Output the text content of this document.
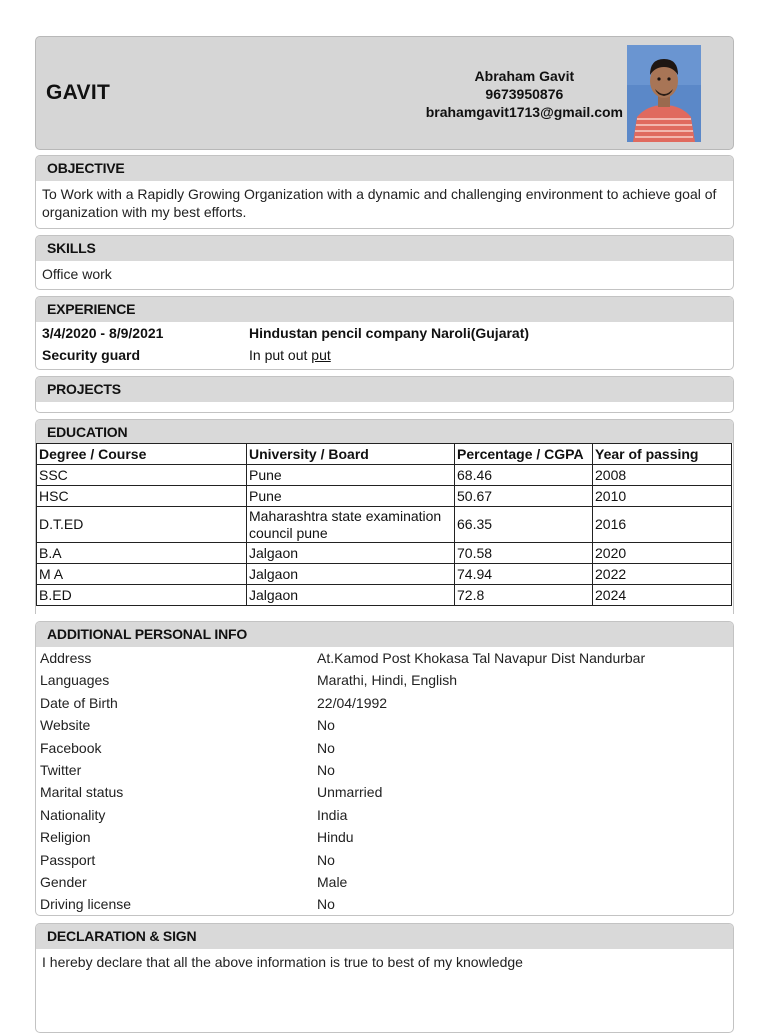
GAVIT
Abraham Gavit
9673950876
brahamgavit1713@gmail.com
OBJECTIVE
To Work with a Rapidly Growing Organization with a dynamic and challenging environment to achieve goal of organization with my best efforts.
SKILLS
Office work
EXPERIENCE
3/4/2020 - 8/9/2021	Hindustan pencil company Naroli(Gujarat)
Security guard	In put out put
PROJECTS
EDUCATION
Degree / Course	University / Board	Percentage / CGPA	Year of passing
SSC	Pune	68.46	2008
HSC	Pune	50.67	2010
D.T.ED	Maharashtra state examination council pune	66.35	2016
B.A	Jalgaon	70.58	2020
M A	Jalgaon	74.94	2022
B.ED	Jalgaon	72.8	2024
ADDITIONAL PERSONAL INFO
Address	At.Kamod Post Khokasa Tal Navapur Dist Nandurbar
Languages	Marathi, Hindi, English
Date of Birth	22/04/1992
Website	No
Facebook	No
Twitter	No
Marital status	Unmarried
Nationality	India
Religion	Hindu
Passport	No
Gender	Male
Driving license	No
DECLARATION & SIGN
I hereby declare that all the above information is true to best of my knowledge
